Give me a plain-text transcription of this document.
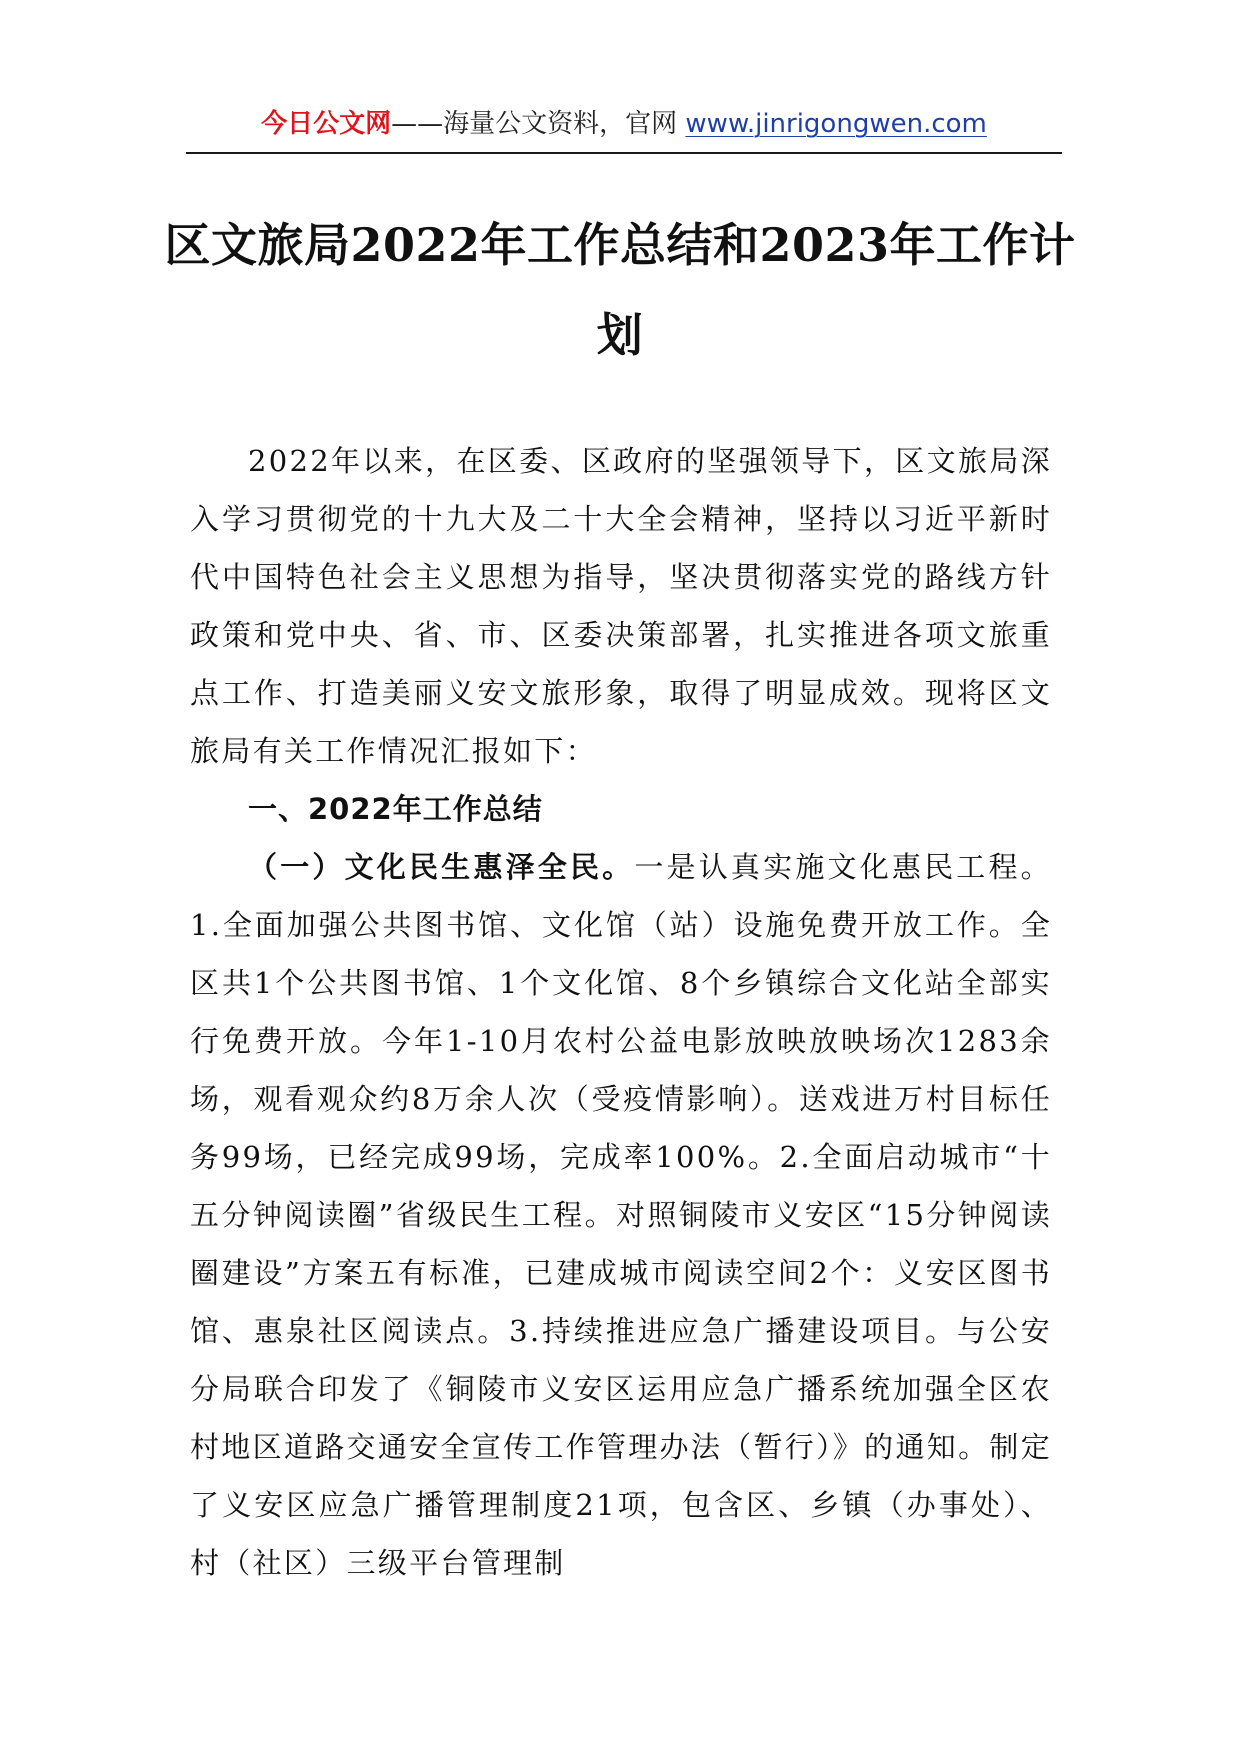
今日公文网——海量公文资料，官网 www.jinrigongwen.com
区文旅局2022年工作总结和2023年工作计划

2022年以来，在区委、区政府的坚强领导下，区文旅局深入学习贯彻党的十九大及二十大全会精神，坚持以习近平新时代中国特色社会主义思想为指导，坚决贯彻落实党的路线方针政策和党中央、省、市、区委决策部署，扎实推进各项文旅重点工作、打造美丽义安文旅形象，取得了明显成效。现将区文旅局有关工作情况汇报如下：

一、2022年工作总结

（一）文化民生惠泽全民。一是认真实施文化惠民工程。1.全面加强公共图书馆、文化馆（站）设施免费开放工作。全区共1个公共图书馆、1个文化馆、8个乡镇综合文化站全部实行免费开放。今年1-10月农村公益电影放映放映场次1283余场，观看观众约8万余人次（受疫情影响）。送戏进万村目标任务99场，已经完成99场，完成率100%。2.全面启动城市“十五分钟阅读圈”省级民生工程。对照铜陵市义安区“15分钟阅读圈建设”方案五有标准，已建成城市阅读空间2个：义安区图书馆、惠泉社区阅读点。3.持续推进应急广播建设项目。与公安分局联合印发了《铜陵市义安区运用应急广播系统加强全区农村地区道路交通安全宣传工作管理办法（暂行）》的通知。制定了义安区应急广播管理制度21项，包含区、乡镇（办事处）、村（社区）三级平台管理制
